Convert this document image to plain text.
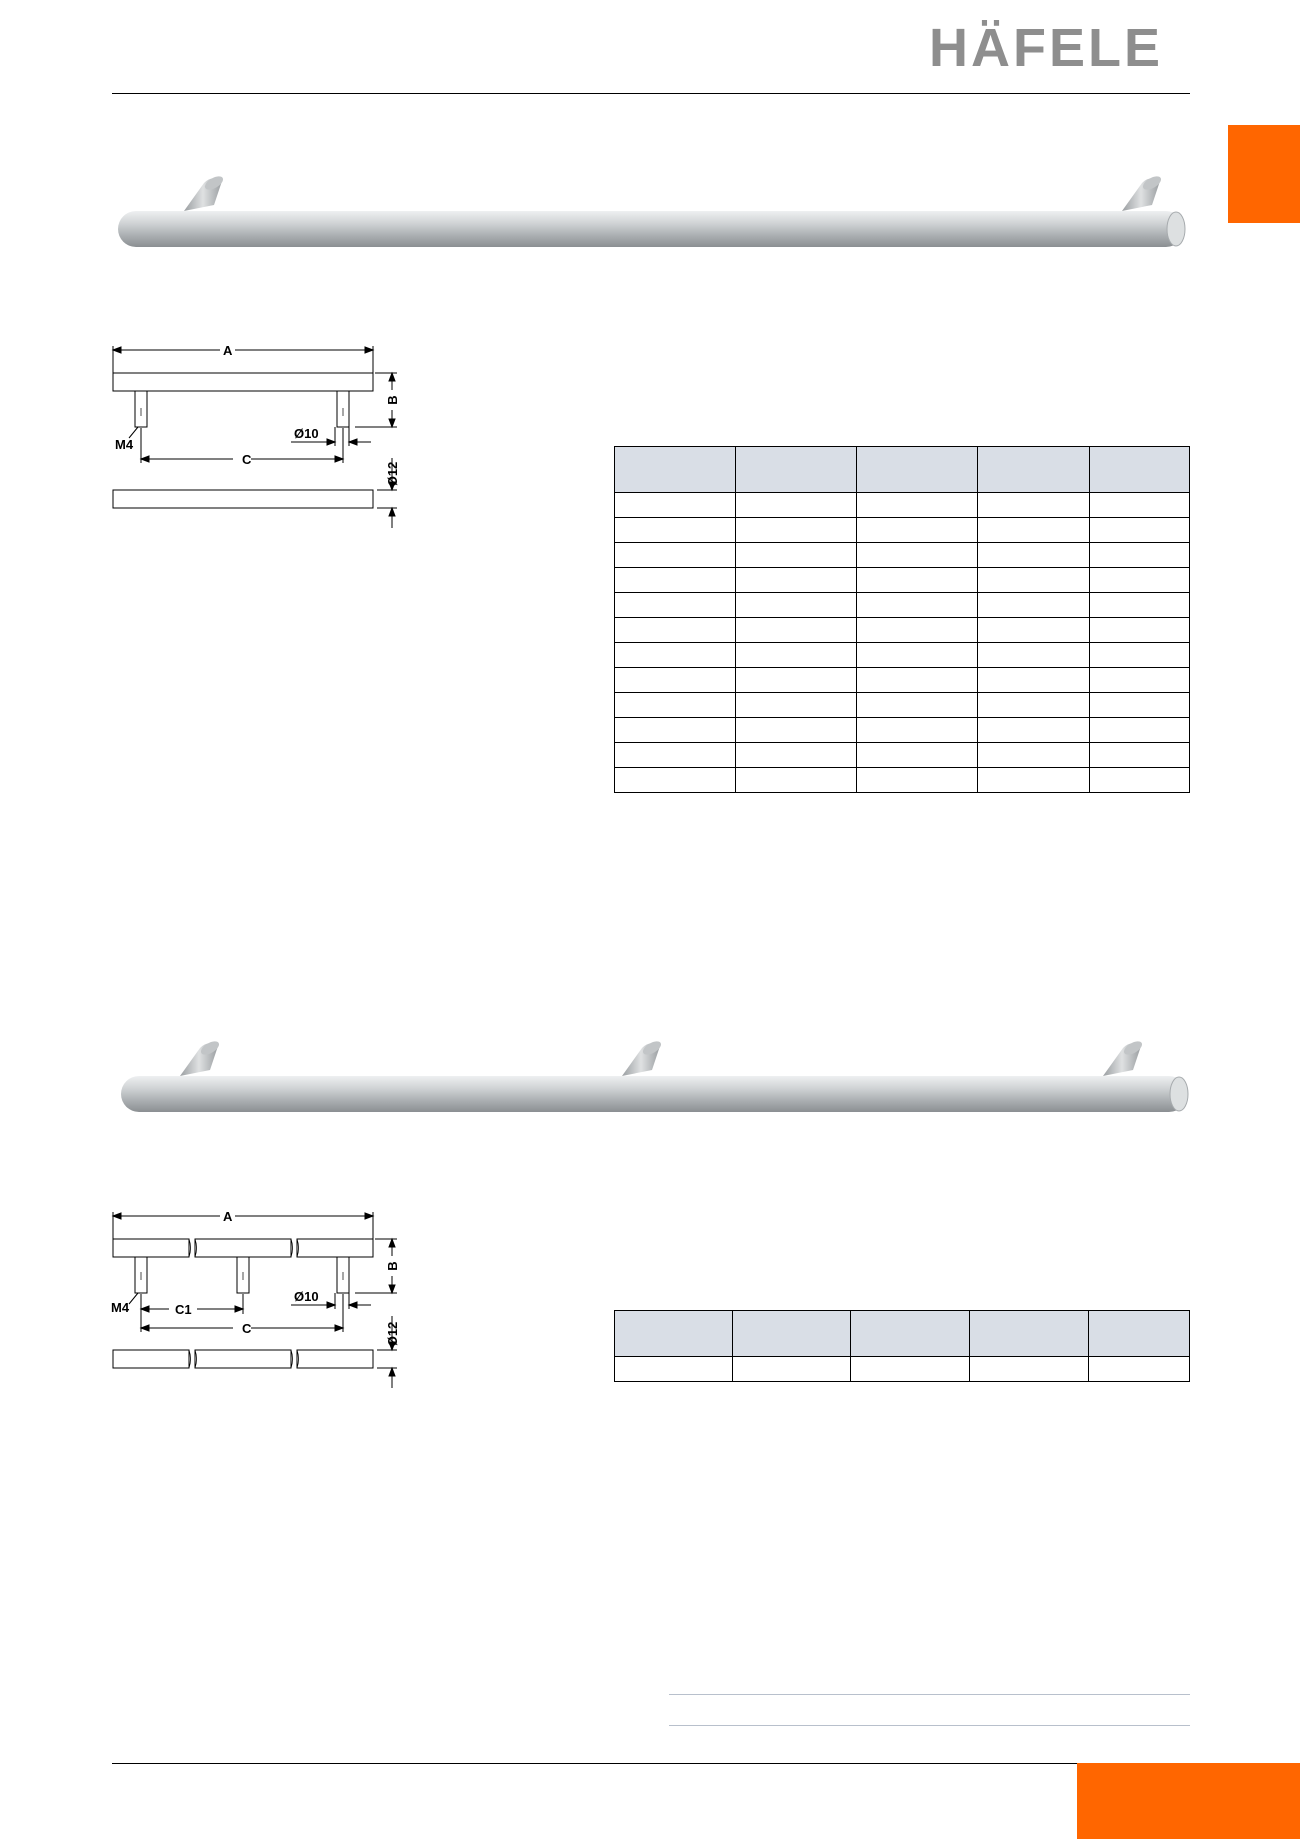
HÄFELE
A
C
M4
Ø10
B
Ø12

A
C
C1
M4
Ø10
B
Ø12
